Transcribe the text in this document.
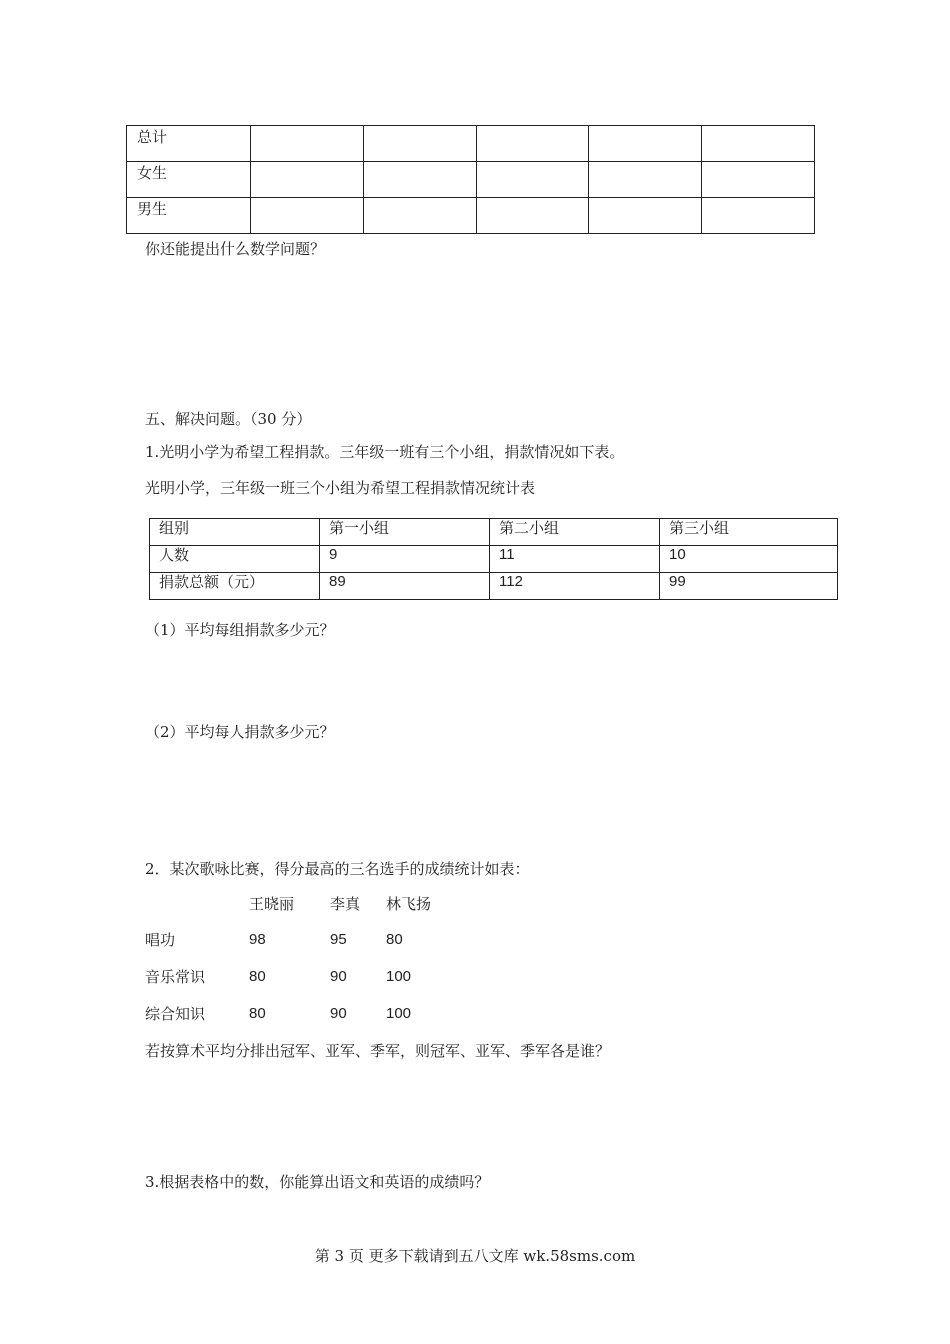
总计					
女生					
男生					
你还能提出什么数学问题？
五、解决问题。（30 分）
1.光明小学为希望工程捐款。三年级一班有三个小组，捐款情况如下表。
光明小学，三年级一班三个小组为希望工程捐款情况统计表
组别	第一小组	第二小组	第三小组
人数	9	11	10
捐款总额（元）	89	112	99
（1）平均每组捐款多少元？
（2）平均每人捐款多少元？
2．某次歌咏比赛，得分最高的三名选手的成绩统计如表：
王晓丽 李真 林飞扬
唱功	98	95	80
音乐常识	80	90	100
综合知识	80	90	100
若按算术平均分排出冠军、亚军、季军，则冠军、亚军、季军各是谁？
3.根据表格中的数，你能算出语文和英语的成绩吗？
第 3 页 更多下载请到五八文库 wk.58sms.com
